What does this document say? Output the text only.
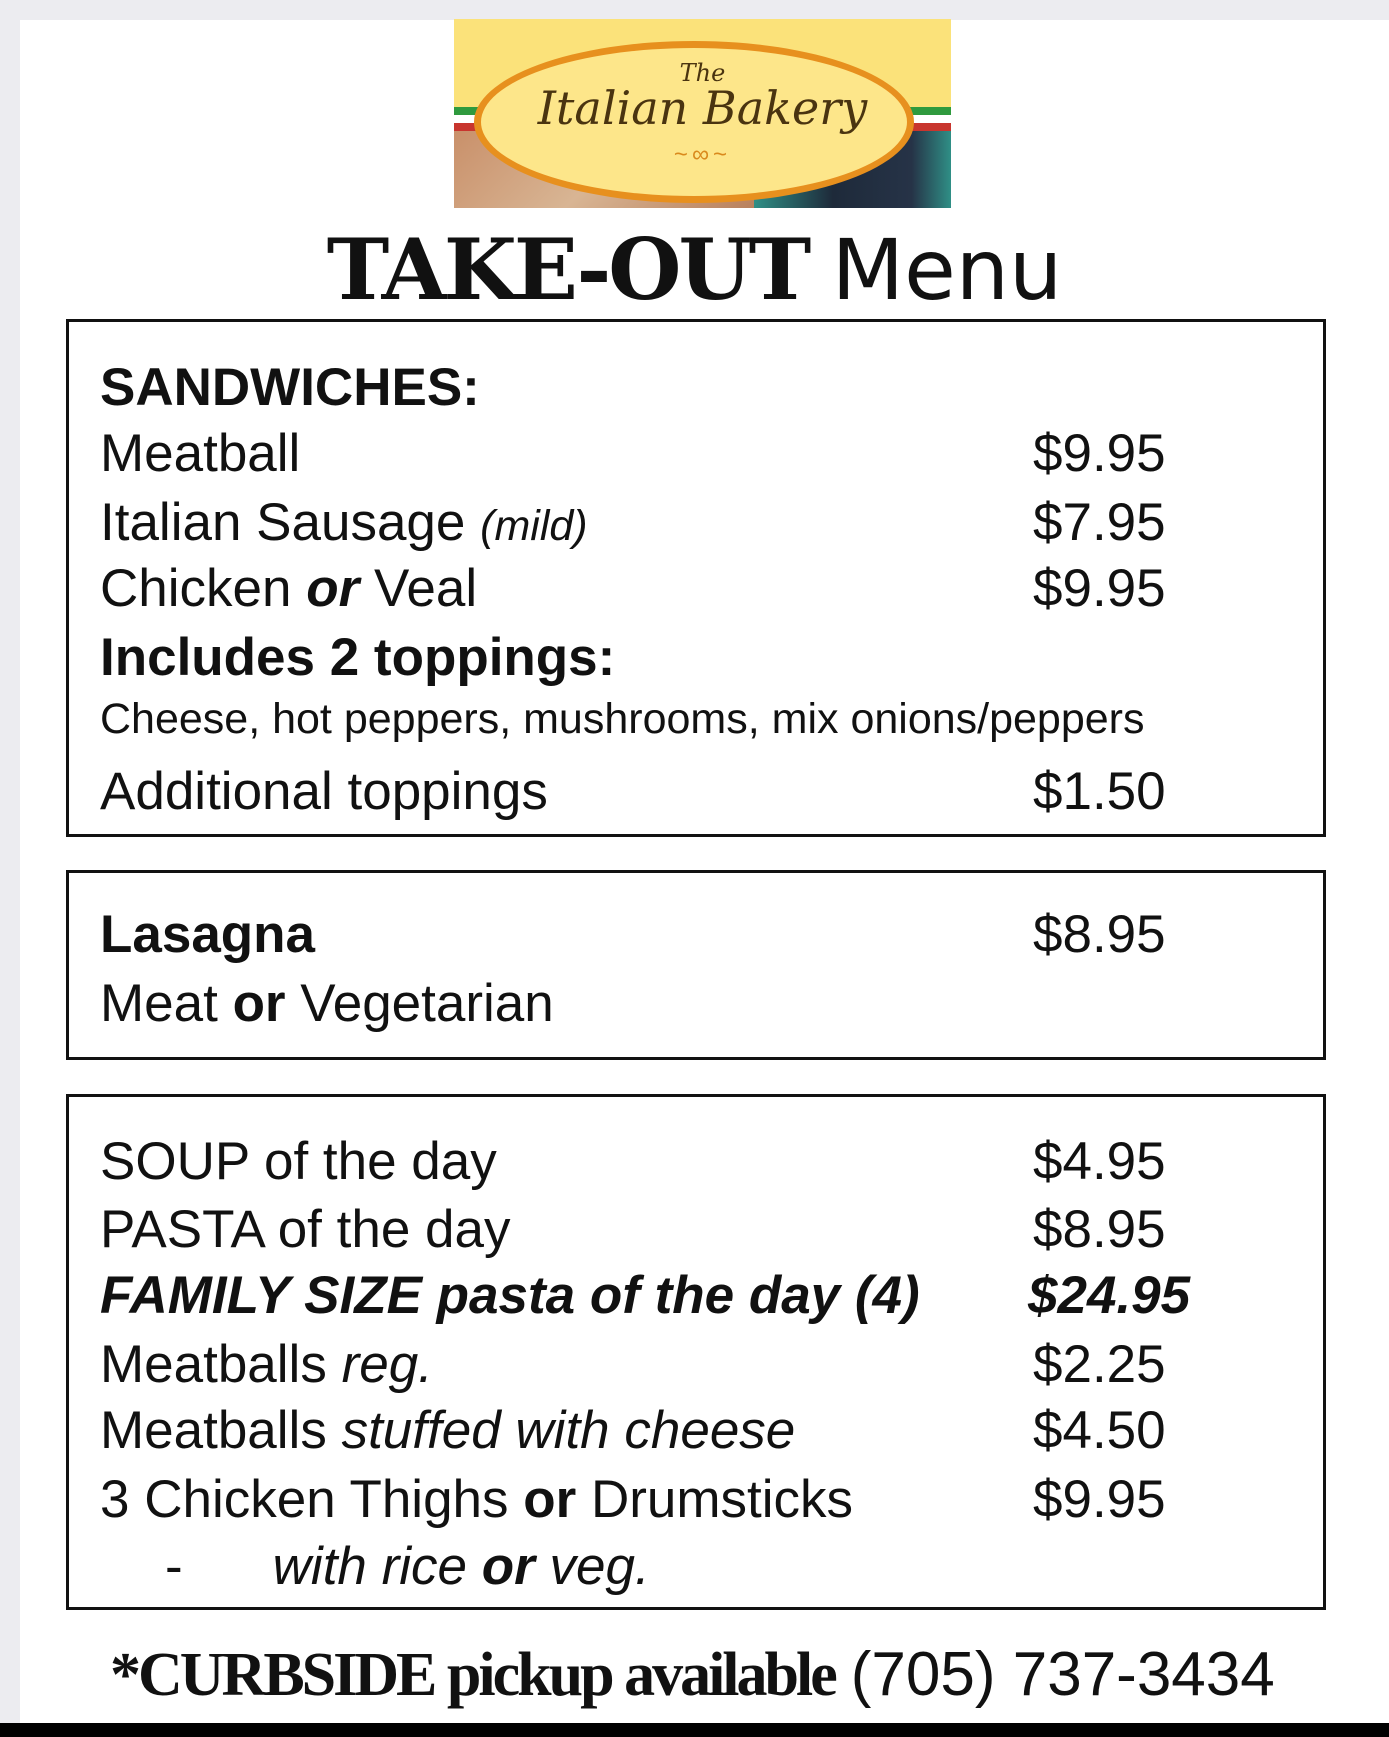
The
Italian Bakery
~∞~
TAKE-OUT Menu
SANDWICHES:
Meatball	$9.95
Italian Sausage (mild)	$7.95
Chicken or Veal	$9.95
Includes 2 toppings:
Cheese, hot peppers, mushrooms, mix onions/peppers
Additional toppings	$1.50
Lasagna	$8.95
Meat or Vegetarian
SOUP of the day	$4.95
PASTA of the day	$8.95
FAMILY SIZE pasta of the day (4) $24.95
Meatballs reg.	$2.25
Meatballs stuffed with cheese	$4.50
3 Chicken Thighs or Drumsticks	$9.95
- with rice or veg.
*CURBSIDE pickup available (705) 737-3434
